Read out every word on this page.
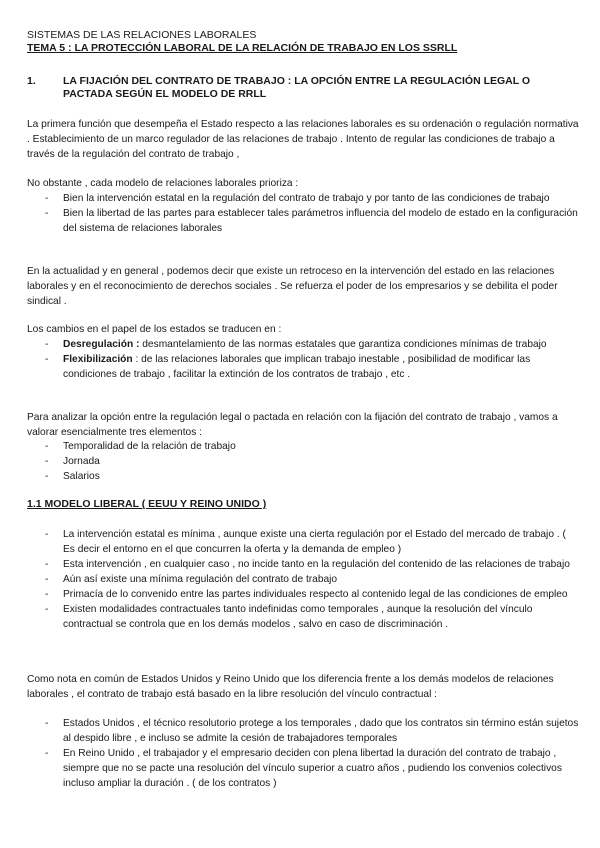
SISTEMAS DE LAS RELACIONES LABORALES
TEMA 5 : LA PROTECCIÓN LABORAL DE LA RELACIÓN DE TRABAJO EN LOS SSRLL
1.	LA FIJACIÓN DEL CONTRATO DE TRABAJO : LA OPCIÓN ENTRE LA REGULACIÓN LEGAL O PACTADA SEGÚN EL MODELO DE RRLL
La primera función que desempeña el Estado respecto a las relaciones laborales es su ordenación o regulación normativa . Establecimiento de un marco regulador de las relaciones de trabajo . Intento de regular las condiciones de trabajo a través de la regulación del contrato de trabajo ,
No obstante , cada modelo de relaciones laborales prioriza :
- Bien la intervención estatal en la regulación del contrato de trabajo y por tanto de las condiciones de trabajo
- Bien la libertad de las partes para establecer tales parámetros influencia del modelo de estado en la configuración del sistema de relaciones laborales
En la actualidad y en general , podemos decir que existe un retroceso en la intervención del estado en las relaciones laborales y en el reconocimiento de derechos sociales . Se refuerza el poder de los empresarios y se debilita el poder sindical .
Los cambios en el papel de los estados se traducen en :
- Desregulación : desmantelamiento de las normas estatales que garantiza condiciones mínimas de trabajo
- Flexibilización : de las relaciones laborales que implican trabajo inestable , posibilidad de modificar las condiciones de trabajo , facilitar la extinción de los contratos de trabajo , etc .
Para analizar la opción entre la regulación legal o pactada en relación con la fijación del contrato de trabajo , vamos a valorar esencialmente tres elementos :
- Temporalidad de la relación de trabajo
- Jornada
- Salarios
1.1 MODELO LIBERAL ( EEUU Y REINO UNIDO )
- La intervención estatal es mínima , aunque existe una cierta regulación por el Estado del mercado de trabajo . ( Es decir el entorno en el que concurren la oferta y la demanda de empleo )
- Esta intervención , en cualquier caso , no incide tanto en la regulación del contenido de las relaciones de trabajo
- Aún así existe una mínima regulación del contrato de trabajo
- Primacía de lo convenido entre las partes individuales respecto al contenido legal de las condiciones de empleo
- Existen modalidades contractuales tanto indefinidas como temporales , aunque la resolución del vínculo contractual se controla que en los demás modelos , salvo en caso de discriminación .
Como nota en común de Estados Unidos y Reino Unido que los diferencia frente a los demás modelos de relaciones laborales , el contrato de trabajo está basado en la libre resolución del vínculo contractual :
- Estados Unidos , el técnico resolutorio protege a los temporales , dado que los contratos sin término están sujetos al despido libre , e incluso se admite la cesión de trabajadores temporales
- En Reino Unido , el trabajador y el empresario deciden con plena libertad la duración del contrato de trabajo , siempre que no se pacte una resolución del vínculo superior a cuatro años , pudiendo los convenios colectivos incluso ampliar la duración . ( de los contratos )
